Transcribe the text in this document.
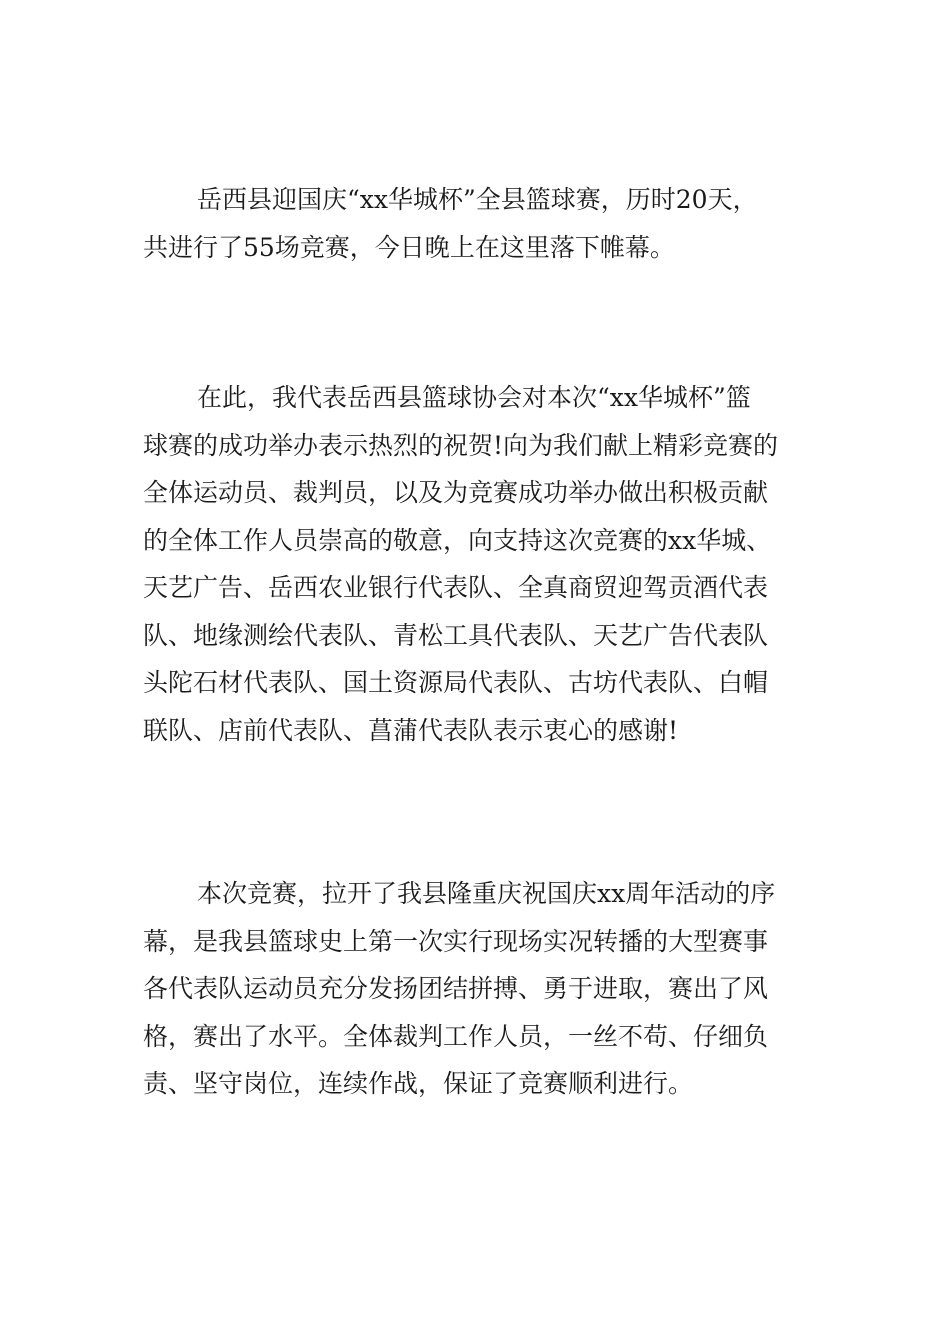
岳西县迎国庆“xx华城杯”全县篮球赛，历时20天，
共进行了55场竞赛，今日晚上在这里落下帷幕。

在此，我代表岳西县篮球协会对本次“xx华城杯”篮
球赛的成功举办表示热烈的祝贺!向为我们献上精彩竞赛的
全体运动员、裁判员，以及为竞赛成功举办做出积极贡献
的全体工作人员崇高的敬意，向支持这次竞赛的xx华城、
天艺广告、岳西农业银行代表队、全真商贸迎驾贡酒代表
队、地缘测绘代表队、青松工具代表队、天艺广告代表队
头陀石材代表队、国土资源局代表队、古坊代表队、白帽
联队、店前代表队、菖蒲代表队表示衷心的感谢!

本次竞赛，拉开了我县隆重庆祝国庆xx周年活动的序
幕，是我县篮球史上第一次实行现场实况转播的大型赛事
各代表队运动员充分发扬团结拼搏、勇于进取，赛出了风
格，赛出了水平。全体裁判工作人员，一丝不苟、仔细负
责、坚守岗位，连续作战，保证了竞赛顺利进行。
